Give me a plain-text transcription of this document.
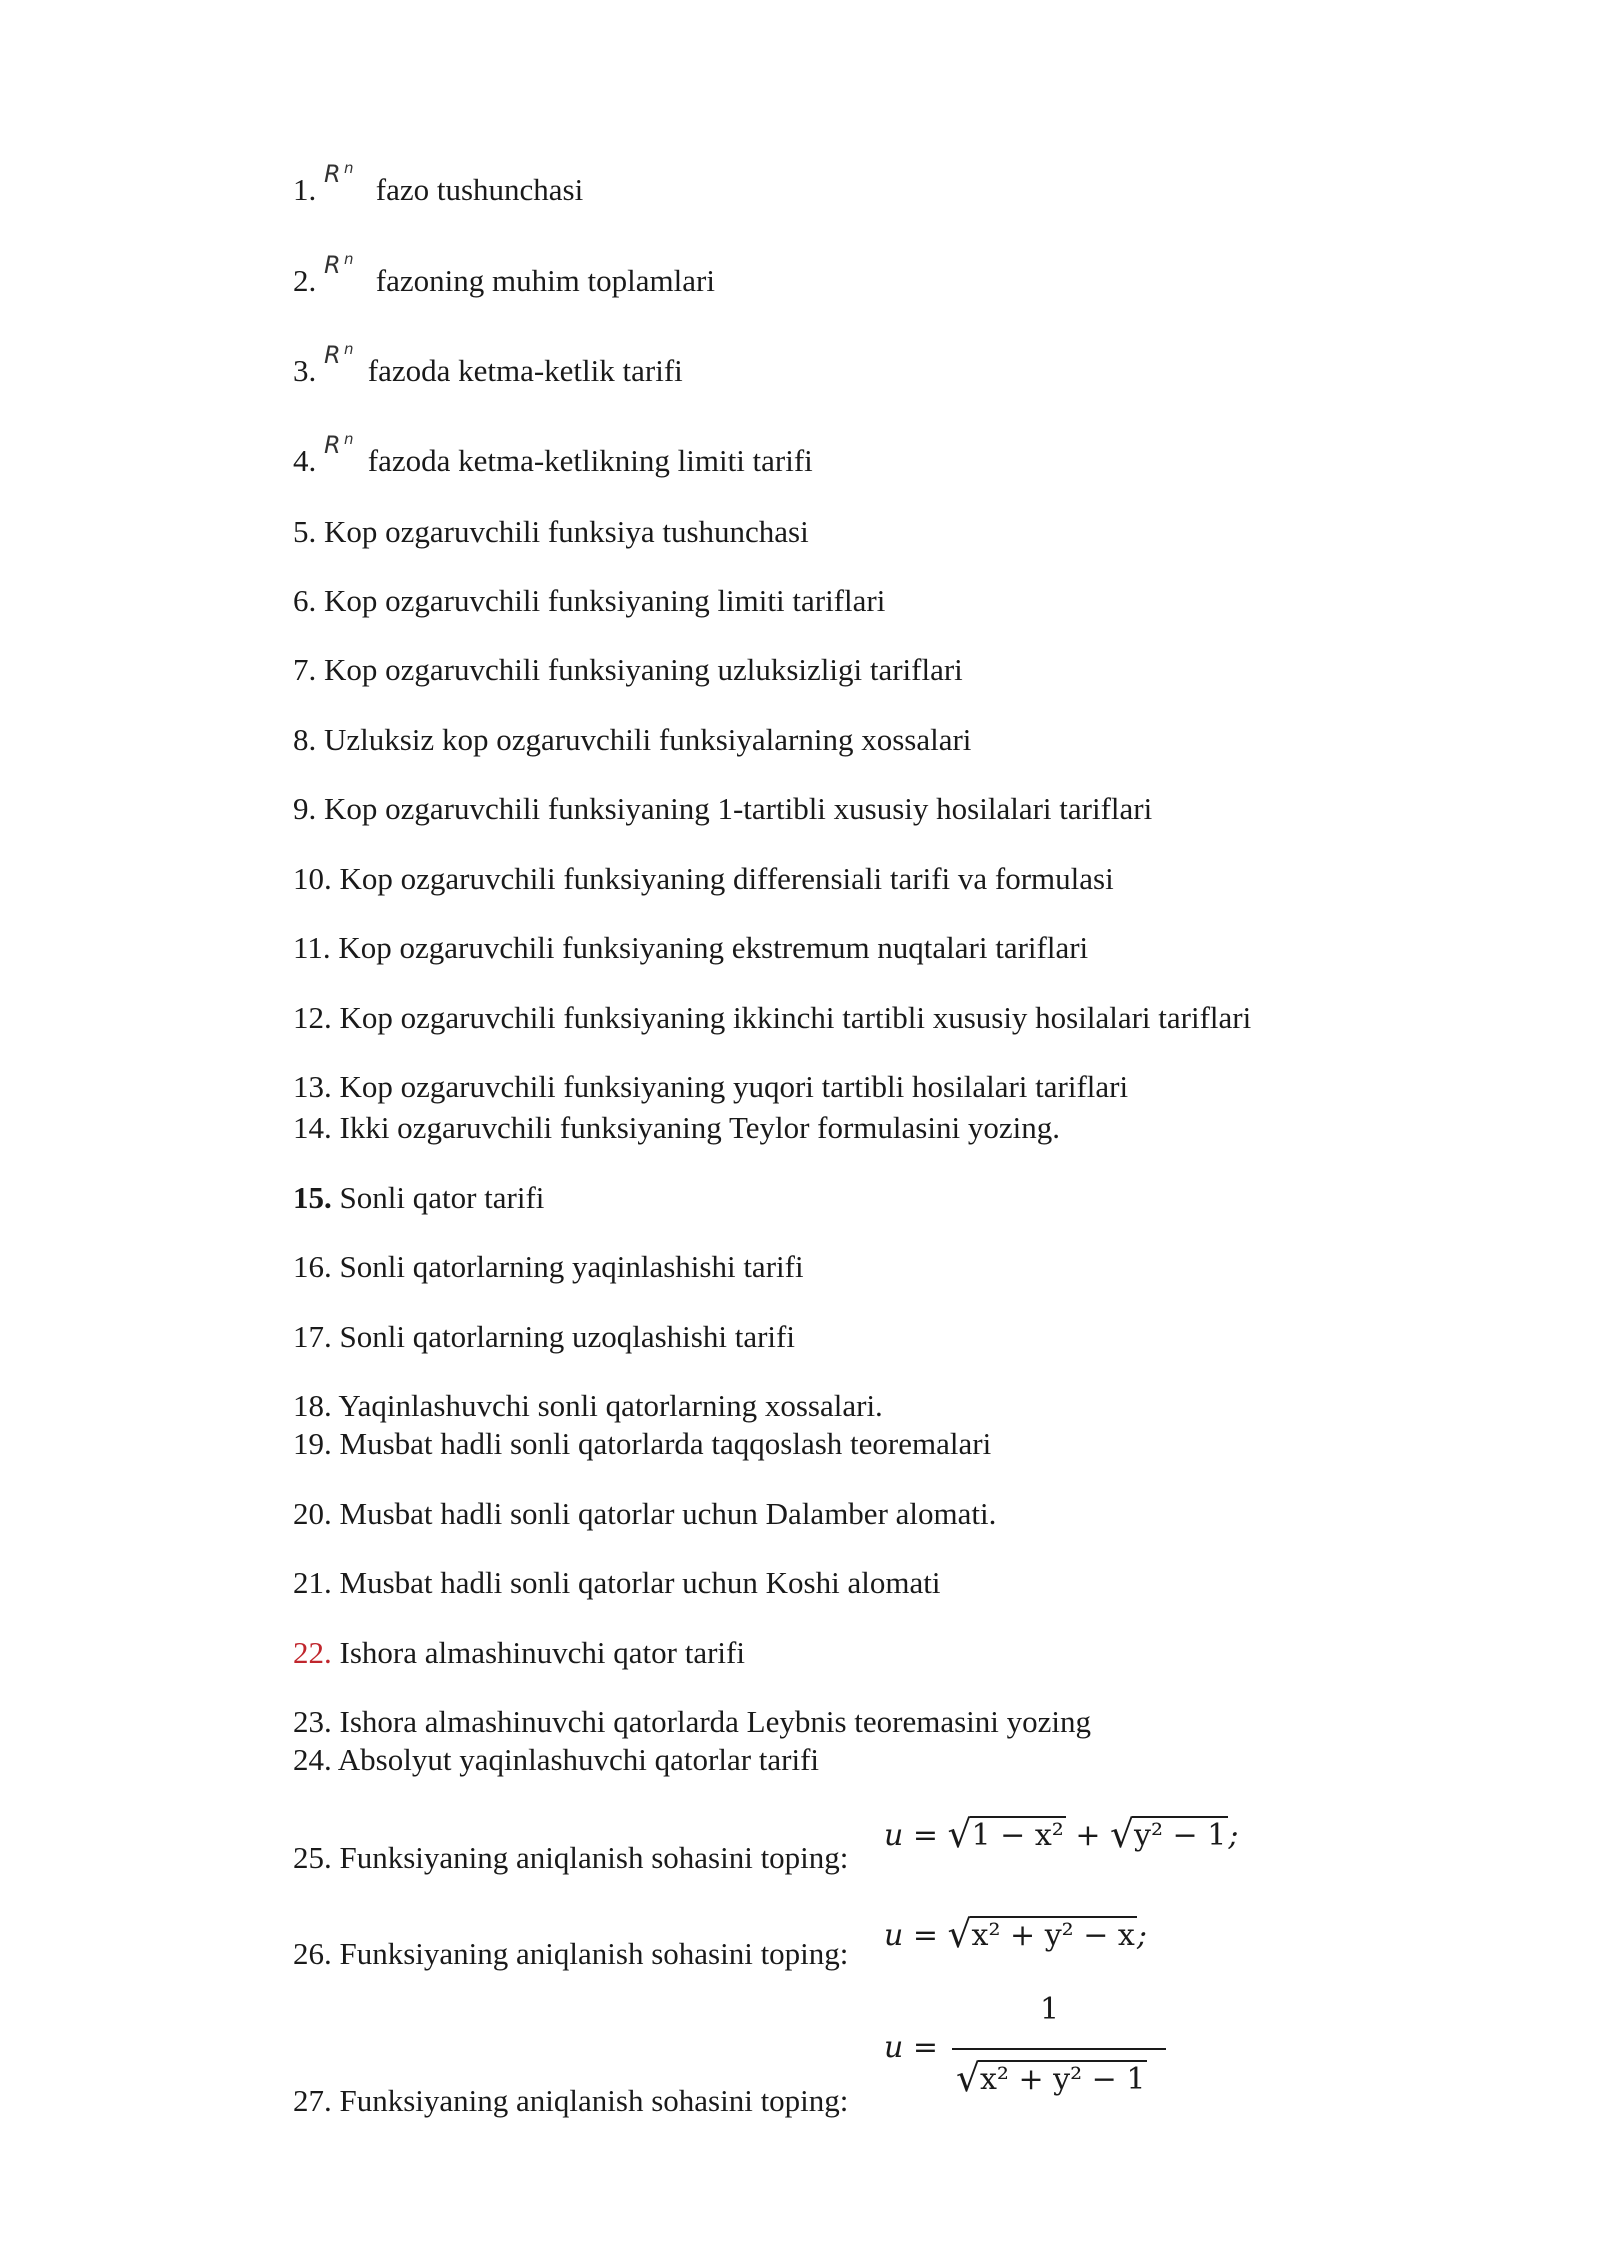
1. R n
fazo tushunchasi
2. R n
fazoning muhim toplamlari
3. R n
fazoda ketma-ketlik tarifi
4. R n
fazoda ketma-ketlikning limiti tarifi
5. Kop ozgaruvchili funksiya tushunchasi
6. Kop ozgaruvchili funksiyaning limiti tariflari
7. Kop ozgaruvchili funksiyaning uzluksizligi tariflari
8. Uzluksiz kop ozgaruvchili funksiyalarning xossalari
9. Kop ozgaruvchili funksiyaning 1-tartibli xususiy hosilalari tariflari
10. Kop ozgaruvchili funksiyaning differensiali tarifi va formulasi
11. Kop ozgaruvchili funksiyaning ekstremum nuqtalari tariflari
12. Kop ozgaruvchili funksiyaning ikkinchi tartibli xususiy hosilalari tariflari
13. Kop ozgaruvchili funksiyaning yuqori tartibli hosilalari tariflari
14. Ikki ozgaruvchili funksiyaning Teylor formulasini yozing.
15. Sonli qator tarifi
16. Sonli qatorlarning yaqinlashishi tarifi
17. Sonli qatorlarning uzoqlashishi tarifi
18. Yaqinlashuvchi sonli qatorlarning xossalari.
19. Musbat hadli sonli qatorlarda taqqoslash teoremalari
20. Musbat hadli sonli qatorlar uchun Dalamber alomati.
21. Musbat hadli sonli qatorlar uchun Koshi alomati
22. Ishora almashinuvchi qator tarifi
23. Ishora almashinuvchi qatorlarda Leybnis teoremasini yozing
24. Absolyut yaqinlashuvchi qatorlar tarifi
25. Funksiyaning aniqlanish sohasini toping:
u = √ 1 − x² + √ y² − 1;
26. Funksiyaning aniqlanish sohasini toping:
u = √ x² + y² − x;
27. Funksiyaning aniqlanish sohasini toping:
u =
1
√ x² + y² − 1
